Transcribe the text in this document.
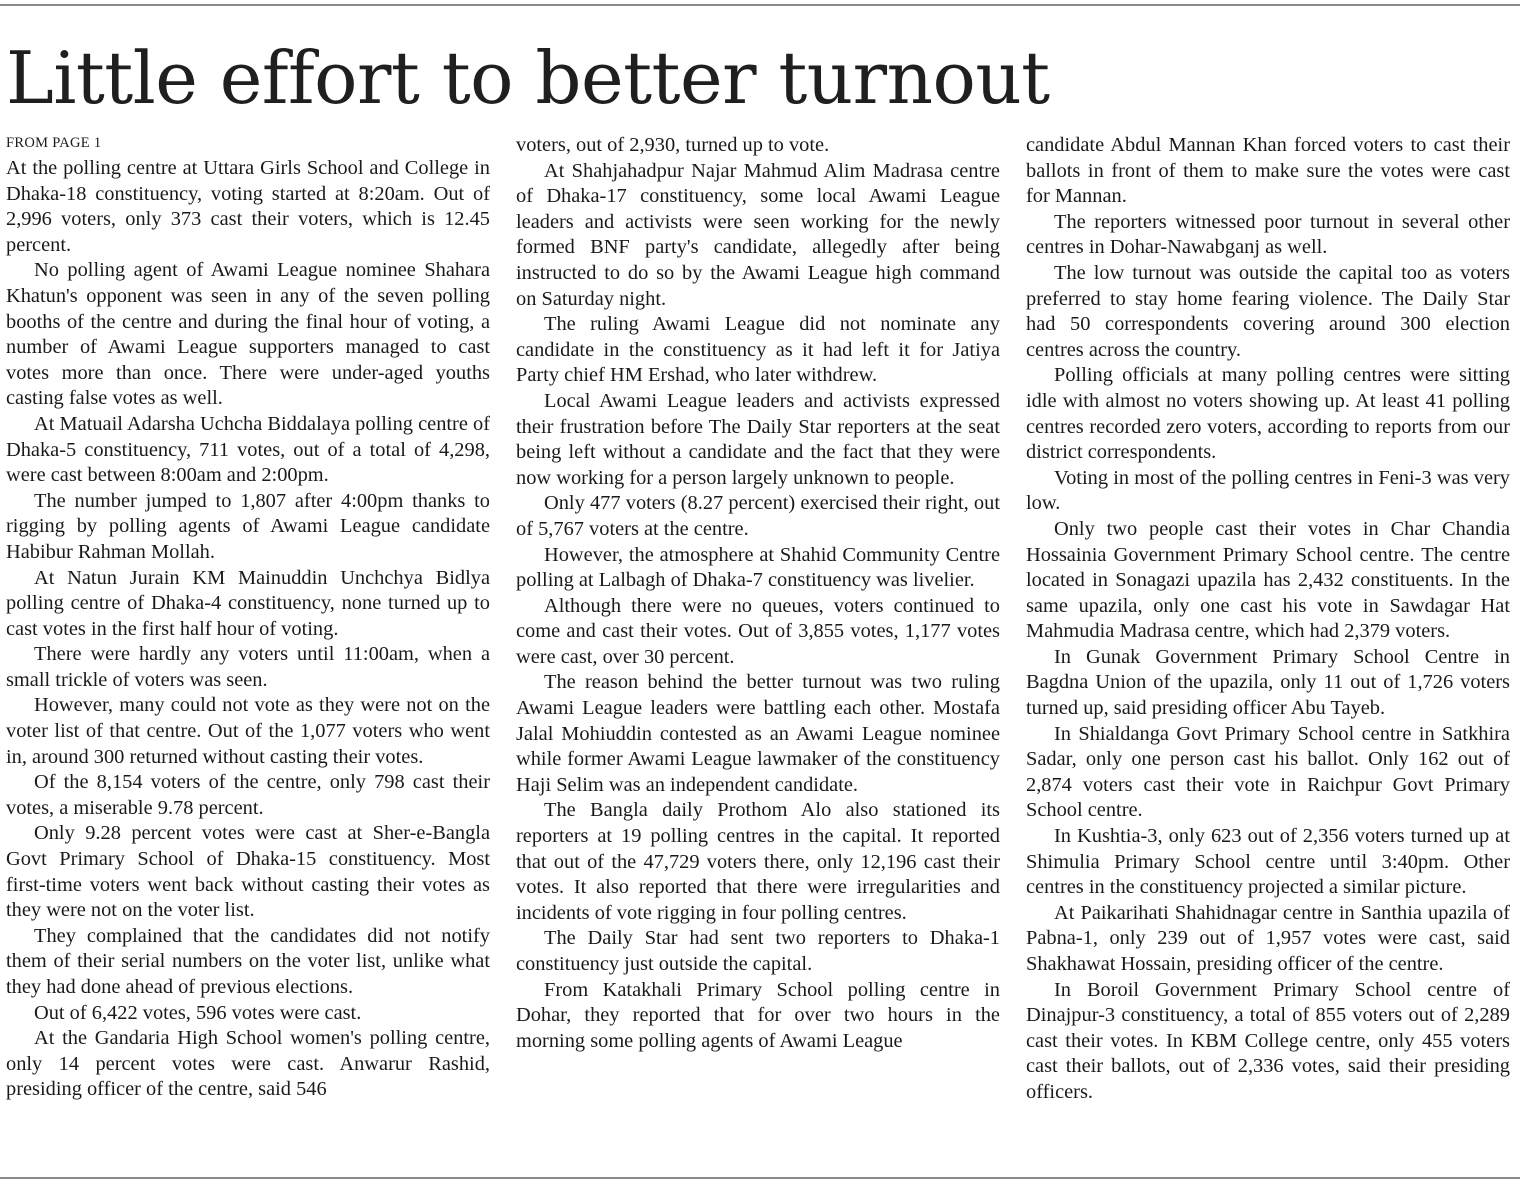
Little effort to better turnout
FROM PAGE 1

At the polling centre at Uttara Girls School and College in Dhaka-18 constituency, voting started at 8:20am. Out of 2,996 voters, only 373 cast their voters, which is 12.45 percent.

No polling agent of Awami League nominee Shahara Khatun's opponent was seen in any of the seven polling booths of the centre and during the final hour of voting, a number of Awami League supporters managed to cast votes more than once. There were under-aged youths casting false votes as well.

At Matuail Adarsha Uchcha Biddalaya polling centre of Dhaka-5 constituency, 711 votes, out of a total of 4,298, were cast between 8:00am and 2:00pm.

The number jumped to 1,807 after 4:00pm thanks to rigging by polling agents of Awami League candidate Habibur Rahman Mollah.

At Natun Jurain KM Mainuddin Unchchya Bidlya polling centre of Dhaka-4 constituency, none turned up to cast votes in the first half hour of voting.

There were hardly any voters until 11:00am, when a small trickle of voters was seen.

However, many could not vote as they were not on the voter list of that centre. Out of the 1,077 voters who went in, around 300 returned without casting their votes.

Of the 8,154 voters of the centre, only 798 cast their votes, a miserable 9.78 percent.

Only 9.28 percent votes were cast at Sher-e-Bangla Govt Primary School of Dhaka-15 constituency. Most first-time voters went back without casting their votes as they were not on the voter list.

They complained that the candidates did not notify them of their serial numbers on the voter list, unlike what they had done ahead of previous elections.

Out of 6,422 votes, 596 votes were cast.

At the Gandaria High School women's polling centre, only 14 percent votes were cast. Anwarur Rashid, presiding officer of the centre, said 546

voters, out of 2,930, turned up to vote.

At Shahjahadpur Najar Mahmud Alim Madrasa centre of Dhaka-17 constituency, some local Awami League leaders and activists were seen working for the newly formed BNF party's candidate, allegedly after being instructed to do so by the Awami League high command on Saturday night.

The ruling Awami League did not nominate any candidate in the constituency as it had left it for Jatiya Party chief HM Ershad, who later withdrew.

Local Awami League leaders and activists expressed their frustration before The Daily Star reporters at the seat being left without a candidate and the fact that they were now working for a person largely unknown to people.

Only 477 voters (8.27 percent) exercised their right, out of 5,767 voters at the centre.

However, the atmosphere at Shahid Community Centre polling at Lalbagh of Dhaka-7 constituency was livelier.

Although there were no queues, voters continued to come and cast their votes. Out of 3,855 votes, 1,177 votes were cast, over 30 percent.

The reason behind the better turnout was two ruling Awami League leaders were battling each other. Mostafa Jalal Mohiuddin contested as an Awami League nominee while former Awami League lawmaker of the constituency Haji Selim was an independent candidate.

The Bangla daily Prothom Alo also stationed its reporters at 19 polling centres in the capital. It reported that out of the 47,729 voters there, only 12,196 cast their votes. It also reported that there were irregularities and incidents of vote rigging in four polling centres.

The Daily Star had sent two reporters to Dhaka-1 constituency just outside the capital.

From Katakhali Primary School polling centre in Dohar, they reported that for over two hours in the morning some polling agents of Awami League

candidate Abdul Mannan Khan forced voters to cast their ballots in front of them to make sure the votes were cast for Mannan.

The reporters witnessed poor turnout in several other centres in Dohar-Nawabganj as well.

The low turnout was outside the capital too as voters preferred to stay home fearing violence. The Daily Star had 50 correspondents covering around 300 election centres across the country.

Polling officials at many polling centres were sitting idle with almost no voters showing up. At least 41 polling centres recorded zero voters, according to reports from our district correspondents.

Voting in most of the polling centres in Feni-3 was very low.

Only two people cast their votes in Char Chandia Hossainia Government Primary School centre. The centre located in Sonagazi upazila has 2,432 constituents. In the same upazila, only one cast his vote in Sawdagar Hat Mahmudia Madrasa centre, which had 2,379 voters.

In Gunak Government Primary School Centre in Bagdna Union of the upazila, only 11 out of 1,726 voters turned up, said presiding officer Abu Tayeb.

In Shialdanga Govt Primary School centre in Satkhira Sadar, only one person cast his ballot. Only 162 out of 2,874 voters cast their vote in Raichpur Govt Primary School centre.

In Kushtia-3, only 623 out of 2,356 voters turned up at Shimulia Primary School centre until 3:40pm. Other centres in the constituency projected a similar picture.

At Paikarihati Shahidnagar centre in Santhia upazila of Pabna-1, only 239 out of 1,957 votes were cast, said Shakhawat Hossain, presiding officer of the centre.

In Boroil Government Primary School centre of Dinajpur-3 constituency, a total of 855 voters out of 2,289 cast their votes. In KBM College centre, only 455 voters cast their ballots, out of 2,336 votes, said their presiding officers.
